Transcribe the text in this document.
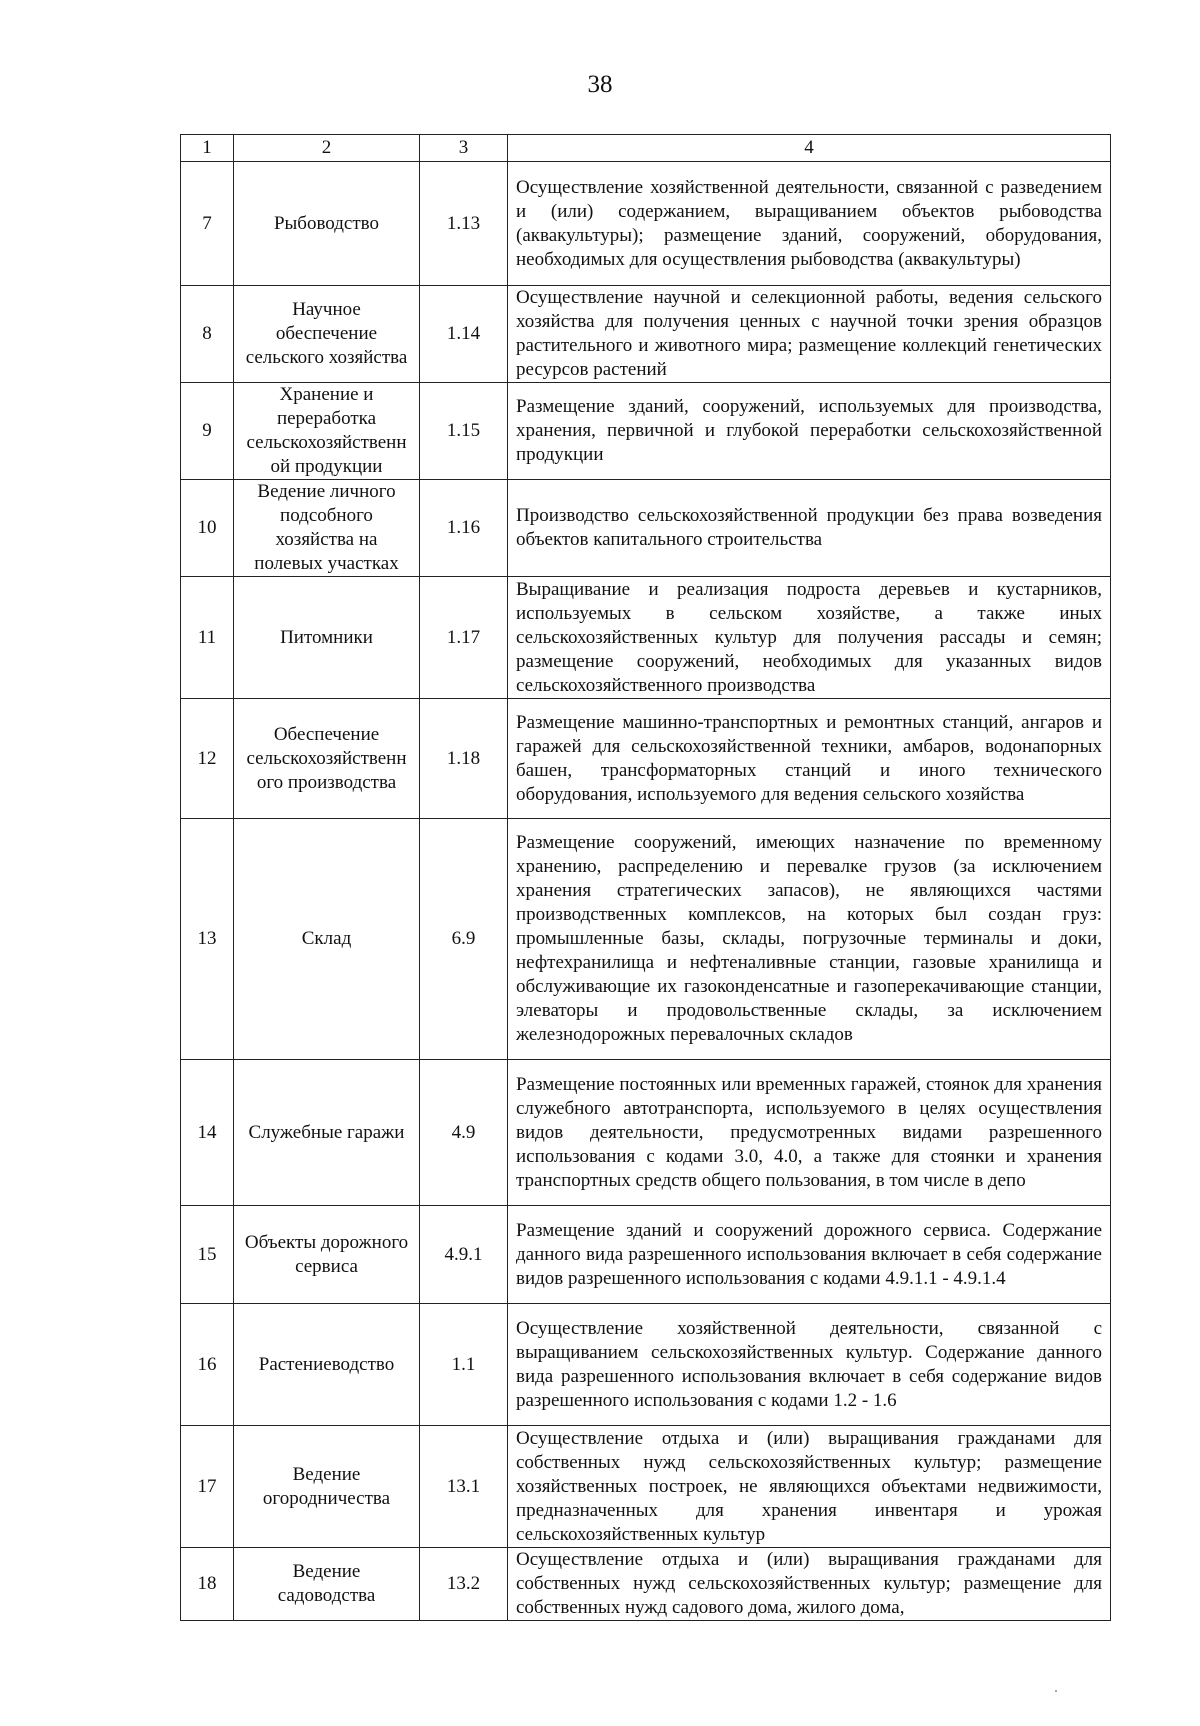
38
1	2	3	4
7	Рыбоводство	1.13	Осуществление хозяйственной деятельности, связанной с разведением и (или) содержанием, выращиванием объектов рыбоводства (аквакультуры); размещение зданий, сооружений, оборудования, необходимых для осуществления рыбоводства (аквакультуры)
8	Научное обеспечение сельского хозяйства	1.14	Осуществление научной и селекционной работы, ведения сельского хозяйства для получения ценных с научной точки зрения образцов растительного и животного мира; размещение коллекций генетических ресурсов растений
9	Хранение и переработка сельскохозяйственн ой продукции	1.15	Размещение зданий, сооружений, используемых для производства, хранения, первичной и глубокой переработки сельскохозяйственной продукции
10	Ведение личного подсобного хозяйства на полевых участках	1.16	Производство сельскохозяйственной продукции без права возведения объектов капитального строительства
11	Питомники	1.17	Выращивание и реализация подроста деревьев и кустарников, используемых в сельском хозяйстве, а также иных сельскохозяйственных культур для получения рассады и семян; размещение сооружений, необходимых для указанных видов сельскохозяйственного производства
12	Обеспечение сельскохозяйственн ого производства	1.18	Размещение машинно-транспортных и ремонтных станций, ангаров и гаражей для сельскохозяйственной техники, амбаров, водонапорных башен, трансформаторных станций и иного технического оборудования, используемого для ведения сельского хозяйства
13	Склад	6.9	Размещение сооружений, имеющих назначение по временному хранению, распределению и перевалке грузов (за исключением хранения стратегических запасов), не являющихся частями производственных комплексов, на которых был создан груз: промышленные базы, склады, погрузочные терминалы и доки, нефтехранилища и нефтеналивные станции, газовые хранилища и обслуживающие их газоконденсатные и газоперекачивающие станции, элеваторы и продовольственные склады, за исключением железнодорожных перевалочных складов
14	Служебные гаражи	4.9	Размещение постоянных или временных гаражей, стоянок для хранения служебного автотранспорта, используемого в целях осуществления видов деятельности, предусмотренных видами разрешенного использования с кодами 3.0, 4.0, а также для стоянки и хранения транспортных средств общего пользования, в том числе в депо
15	Объекты дорожного сервиса	4.9.1	Размещение зданий и сооружений дорожного сервиса. Содержание данного вида разрешенного использования включает в себя содержание видов разрешенного использования с кодами 4.9.1.1 - 4.9.1.4
16	Растениеводство	1.1	Осуществление хозяйственной деятельности, связанной с выращиванием сельскохозяйственных культур. Содержание данного вида разрешенного использования включает в себя содержание видов разрешенного использования с кодами 1.2 - 1.6
17	Ведение огородничества	13.1	Осуществление отдыха и (или) выращивания гражданами для собственных нужд сельскохозяйственных культур; размещение хозяйственных построек, не являющихся объектами недвижимости, предназначенных для хранения инвентаря и урожая сельскохозяйственных культур
18	Ведение садоводства	13.2	Осуществление отдыха и (или) выращивания гражданами для собственных нужд сельскохозяйственных культур; размещение для собственных нужд садового дома, жилого дома,
